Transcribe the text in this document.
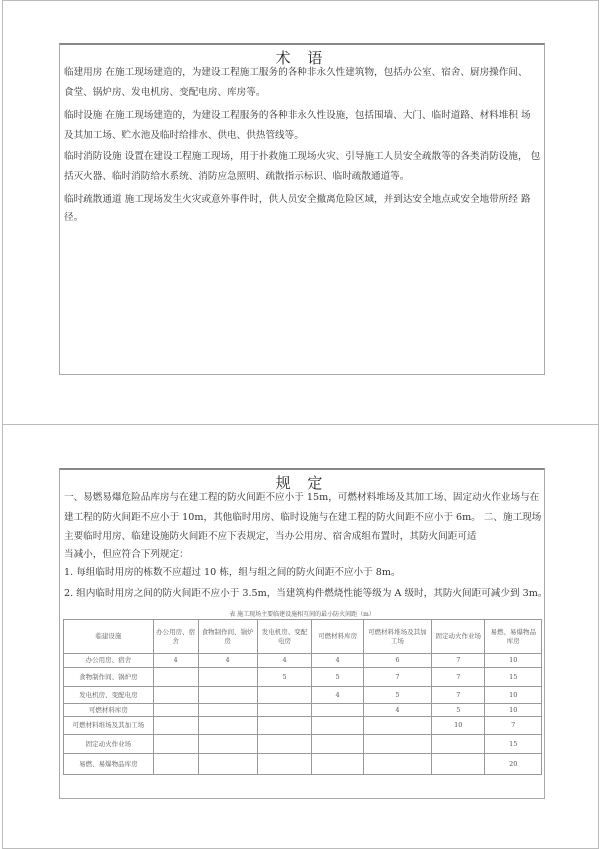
术 语
临建用房 在施工现场建造的，为建设工程施工服务的各种非永久性建筑物，包括办公室、宿舍、厨房操作间、
食堂、锅炉房、发电机房、变配电房、库房等。
临时设施 在施工现场建造的，为建设工程服务的各种非永久性设施，包括围墙、大门、临时道路、材料堆积 场
及其加工场、贮水池及临时给排水、供电、供热管线等。
临时消防设施 设置在建设工程施工现场，用于扑救施工现场火灾、引导施工人员安全疏散等的各类消防设施， 包
括灭火器、临时消防给水系统、消防应急照明、疏散指示标识、临时疏散通道等。
临时疏散通道 施工现场发生火灾或意外事件时，供人员安全撤离危险区域，并到达安全地点或安全地带所经 路
径。
规 定
一、易燃易爆危险品库房与在建工程的防火间距不应小于 15m，可燃材料堆场及其加工场、固定动火作业场与在
建工程的防火间距不应小于 10m，其他临时用房、临时设施与在建工程的防火间距不应小于 6m。 二、施工现场
主要临时用房、临建设施防火间距不应下表规定，当办公用房、宿舍成组布置时，其防火间距可适
当减小，但应符合下列规定：
1. 每组临时用房的栋数不应超过 10 栋，组与组之间的防火间距不应小于 8m。
2. 组内临时用房之间的防火间距不应小于 3.5m，当建筑构件燃烧性能等级为 A 级时，其防火间距可减少到 3m。
表 施工现场主要临建设施相互间的最小防火间距（m）
临建设施	办公用房、宿舍	食物制作间、锅炉房	发电机房、变配电房	可燃材料库房	可燃材料堆场及其加工场	固定动火作业场	易燃、易爆物品库房
办公用房、宿舍	4	4	4	4	6	7	10
食物制作间、锅炉房			5	5	7	7	15
发电机房、变配电房				4	5	7	10
可燃材料库房					4	5	10
可燃材料堆场及其加工场						10	7
固定动火作业场							15
易燃、易爆物品库房							20
